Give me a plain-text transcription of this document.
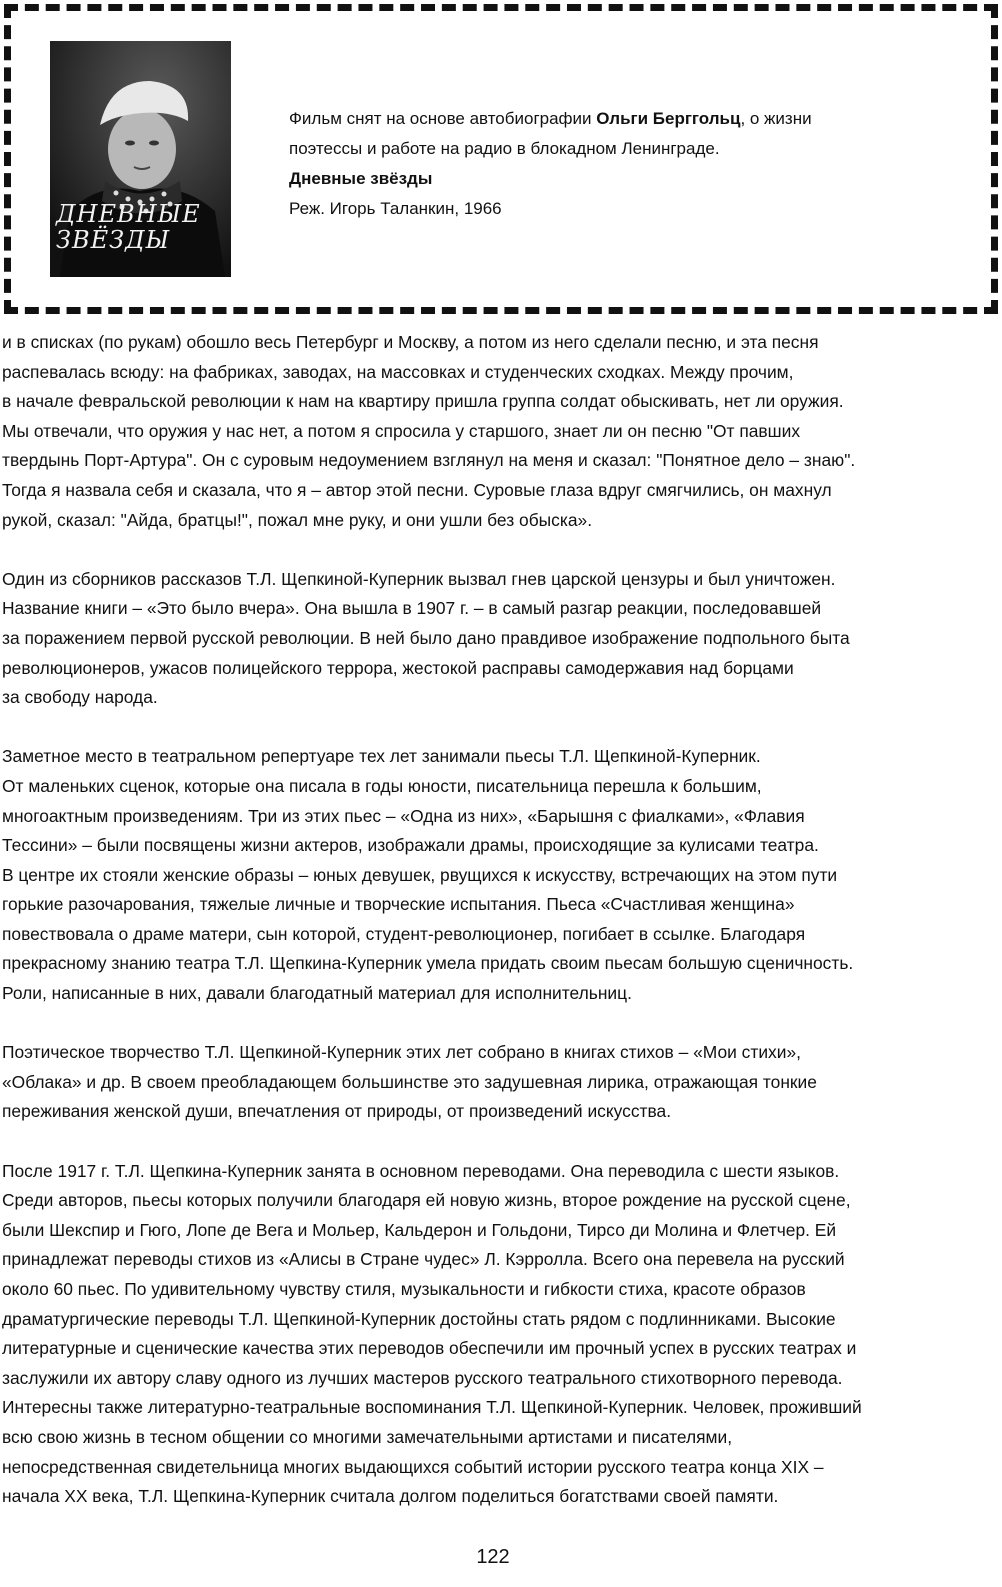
ДНЕВНЫЕ
ЗВЁЗДЫ

Фильм снят на основе автобиографии Ольги Берггольц, о жизни

поэтессы и работе на радио в блокадном Ленинграде.

Дневные звёзды

Реж. Игорь Таланкин, 1966

и в списках (по рукам) обошло весь Петербург и Москву, а потом из него сделали песню, и эта песня
распевалась всюду: на фабриках, заводах, на массовках и студенческих сходках. Между прочим,
в начале февральской революции к нам на квартиру пришла группа солдат обыскивать, нет ли оружия.
Мы отвечали, что оружия у нас нет, а потом я спросила у старшого, знает ли он песню "От павших
твердынь Порт-Артура". Он с суровым недоумением взглянул на меня и сказал: "Понятное дело – знаю".
Тогда я назвала себя и сказала, что я – автор этой песни. Суровые глаза вдруг смягчились, он махнул
рукой, сказал: "Айда, братцы!", пожал мне руку, и они ушли без обыска».
Один из сборников рассказов Т.Л. Щепкиной-Куперник вызвал гнев царской цензуры и был уничтожен.
Название книги – «Это было вчера». Она вышла в 1907 г. – в самый разгар реакции, последовавшей
за поражением первой русской революции. В ней было дано правдивое изображение подпольного быта
революционеров, ужасов полицейского террора, жестокой расправы самодержавия над борцами
за свободу народа.
Заметное место в театральном репертуаре тех лет занимали пьесы Т.Л. Щепкиной-Куперник.
От маленьких сценок, которые она писала в годы юности, писательница перешла к большим,
многоактным произведениям. Три из этих пьес – «Одна из них», «Барышня с фиалками», «Флавия
Тессини» – были посвящены жизни актеров, изображали драмы, происходящие за кулисами театра.
В центре их стояли женские образы – юных девушек, рвущихся к искусству, встречающих на этом пути
горькие разочарования, тяжелые личные и творческие испытания. Пьеса «Счастливая женщина»
повествовала о драме матери, сын которой, студент-революционер, погибает в ссылке. Благодаря
прекрасному знанию театра Т.Л. Щепкина-Куперник умела придать своим пьесам большую сценичность.
Роли, написанные в них, давали благодатный материал для исполнительниц.
Поэтическое творчество Т.Л. Щепкиной-Куперник этих лет собрано в книгах стихов – «Мои стихи»,
«Облака» и др. В своем преобладающем большинстве это задушевная лирика, отражающая тонкие
переживания женской души, впечатления от природы, от произведений искусства.
После 1917 г. Т.Л. Щепкина-Куперник занята в основном переводами. Она переводила с шести языков.
Среди авторов, пьесы которых получили благодаря ей новую жизнь, второе рождение на русской сцене,
были Шекспир и Гюго, Лопе де Вега и Мольер, Кальдерон и Гольдони, Тирсо ди Молина и Флетчер. Ей
принадлежат переводы стихов из «Алисы в Стране чудес» Л. Кэрролла. Всего она перевела на русский
около 60 пьес. По удивительному чувству стиля, музыкальности и гибкости стиха, красоте образов
драматургические переводы Т.Л. Щепкиной-Куперник достойны стать рядом с подлинниками. Высокие
литературные и сценические качества этих переводов обеспечили им прочный успех в русских театрах и
заслужили их автору славу одного из лучших мастеров русского театрального стихотворного перевода.
Интересны также литературно-театральные воспоминания Т.Л. Щепкиной-Куперник. Человек, проживший
всю свою жизнь в тесном общении со многими замечательными артистами и писателями,
непосредственная свидетельница многих выдающихся событий истории русского театра конца XIX –
начала XX века, Т.Л. Щепкина-Куперник считала долгом поделиться богатствами своей памяти.
122
